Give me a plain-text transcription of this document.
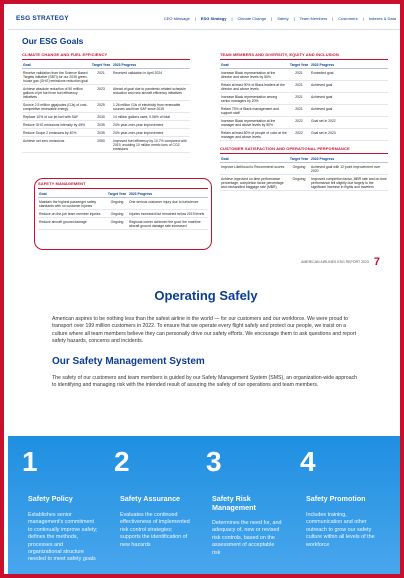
ESG STRATEGY	CEO Message | ESG Strategy | Climate Change | Safety | Team Members | Customers | Indexes & Data
Our ESG Goals
CLIMATE CHANGE AND FUEL EFFICIENCY
Goal	Target Year	2023 Progress
Receive validation from the Science Based Targets initiative (SBTi) for our 2035 green-house gas (GHG) emissions reduction goal	2021	Received validation in April 2024
Achieve absolute reduction of 50 million gallons of jet fuel from fuel efficiency initiatives	2023	Ahead of goal due to pandemic-related schedule reduction and new aircraft efficiency initiatives
Source 2.5 million gigajoules (GJs) of cost-competitive renewable energy	2025	1.26 million GJs of electricity from renewable sources and from SAF since 2019
Replace 10% of our jet fuel with SAF	2030	14 million gallons used, 0.06% of total
Reduce GHG emissions intensity by 45%	2035	24% year-over-year improvement
Reduce Scope 2 emissions by 40%	2035	24% year-over-year improvement
Achieve net zero emissions	2050	Improved fuel efficiency by 10.7% compared with 2019, avoiding 10 million metric tons of CO2 emissions
TEAM MEMBERS AND DIVERSITY, EQUITY AND INCLUSION
Goal	Target Year	2023 Progress
Increase Black representation at the director and above levels by 50%	2021	Exceeded goal
Retain at least 90% of Black leaders at the director and above levels	2021	Achieved goal
Increase Black representation among senior managers by 20%	2021	Achieved goal
Retain 75% of Black management and support staff	2021	Achieved goal
Increase Black representation at the manager and above levels by 50%	2022	Goal set in 2022
Retain at least 80% of people of color at the manager and above levels	2022	Goal set in 2023
CUSTOMER SATISFACTION AND OPERATIONAL PERFORMANCE
Goal	Target Year	2023 Progress
Improve Likelihood to Recommend scores	Ongoing	Achieved goal with 12 point improvement over 2020
Achieve improved on-time performance percentage, completion factor percentage and mishandled baggage rate (MBR)	Ongoing	Improved completion factor, MBR rate and on-time performance fell slightly due largely to the significant increase in flights and travelers
SAFETY MANAGEMENT
Goal	Target Year	2023 Progress
Maintain the highest passenger safety standards with no customer injuries	Ongoing	One serious customer injury due to turbulence
Reduce on-the-job team member injuries	Ongoing	Injuries increased but remained below 2019 levels
Reduce aircraft ground damage	Ongoing	Regional carrier achieved the goal; the mainline aircraft ground damage rate increased
AMERICAN AIRLINES ESG REPORT 2023 7
Operating Safely

American aspires to be nothing less than the safest airline in the world — for our customers and our workforce. We were proud to transport over 199 million customers in 2022. To ensure that we operate every flight safely and protect our people, we insist on a culture where all team members believe they can personally drive our safety efforts. We encourage them to ask questions and report safety hazards, concerns and incidents.

Our Safety Management System

The safety of our customers and team members is guided by our Safety Management System (SMS), an organization-wide approach to identifying and managing risk with the intended result of assuring the safety of our operations and team members.

1
Safety Policy
Establishes senior management's commitment to continually improve safety; defines the methods, processes and organizational structure needed to meet safety goals
2
Safety Assurance
Evaluates the continued effectiveness of implemented risk control strategies; supports the identification of new hazards
3
Safety Risk Management
Determines the need for, and adequacy of, new or revised risk controls, based on the assessment of acceptable risk
4
Safety Promotion
Includes training, communication and other outreach to grow our safety culture within all levels of the workforce
